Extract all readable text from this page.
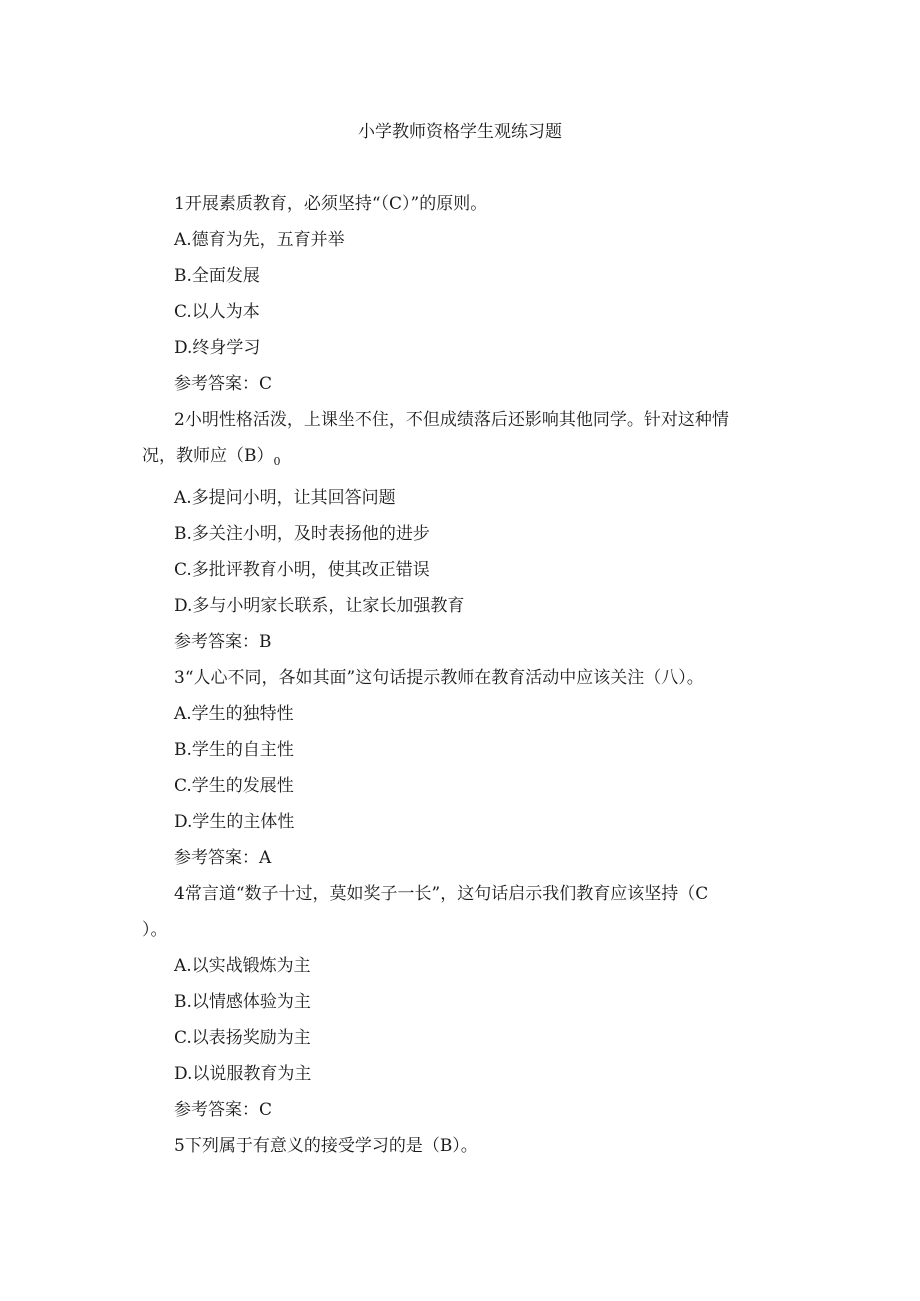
小学教师资格学生观练习题
1开展素质教育，必须坚持“（C）”的原则。
A.德育为先，五育并举
B.全面发展
C.以人为本
D.终身学习
参考答案：C
2小明性格活泼，上课坐不住，不但成绩落后还影响其他同学。针对这种情
况，教师应$(B)_0$
A.多提问小明，让其回答问题
B.多关注小明，及时表扬他的进步
C.多批评教育小明，使其改正错误
D.多与小明家长联系，让家长加强教育
参考答案：B
3“人心不同，各如其面”这句话提示教师在教育活动中应该关注（八）。
A.学生的独特性
B.学生的自主性
C.学生的发展性
D.学生的主体性
参考答案：A
4常言道“数子十过，莫如奖子一长”，这句话启示我们教育应该坚持（C
）。
A.以实战锻炼为主
B.以情感体验为主
C.以表扬奖励为主
D.以说服教育为主
参考答案：C
5下列属于有意义的接受学习的是（B）。
